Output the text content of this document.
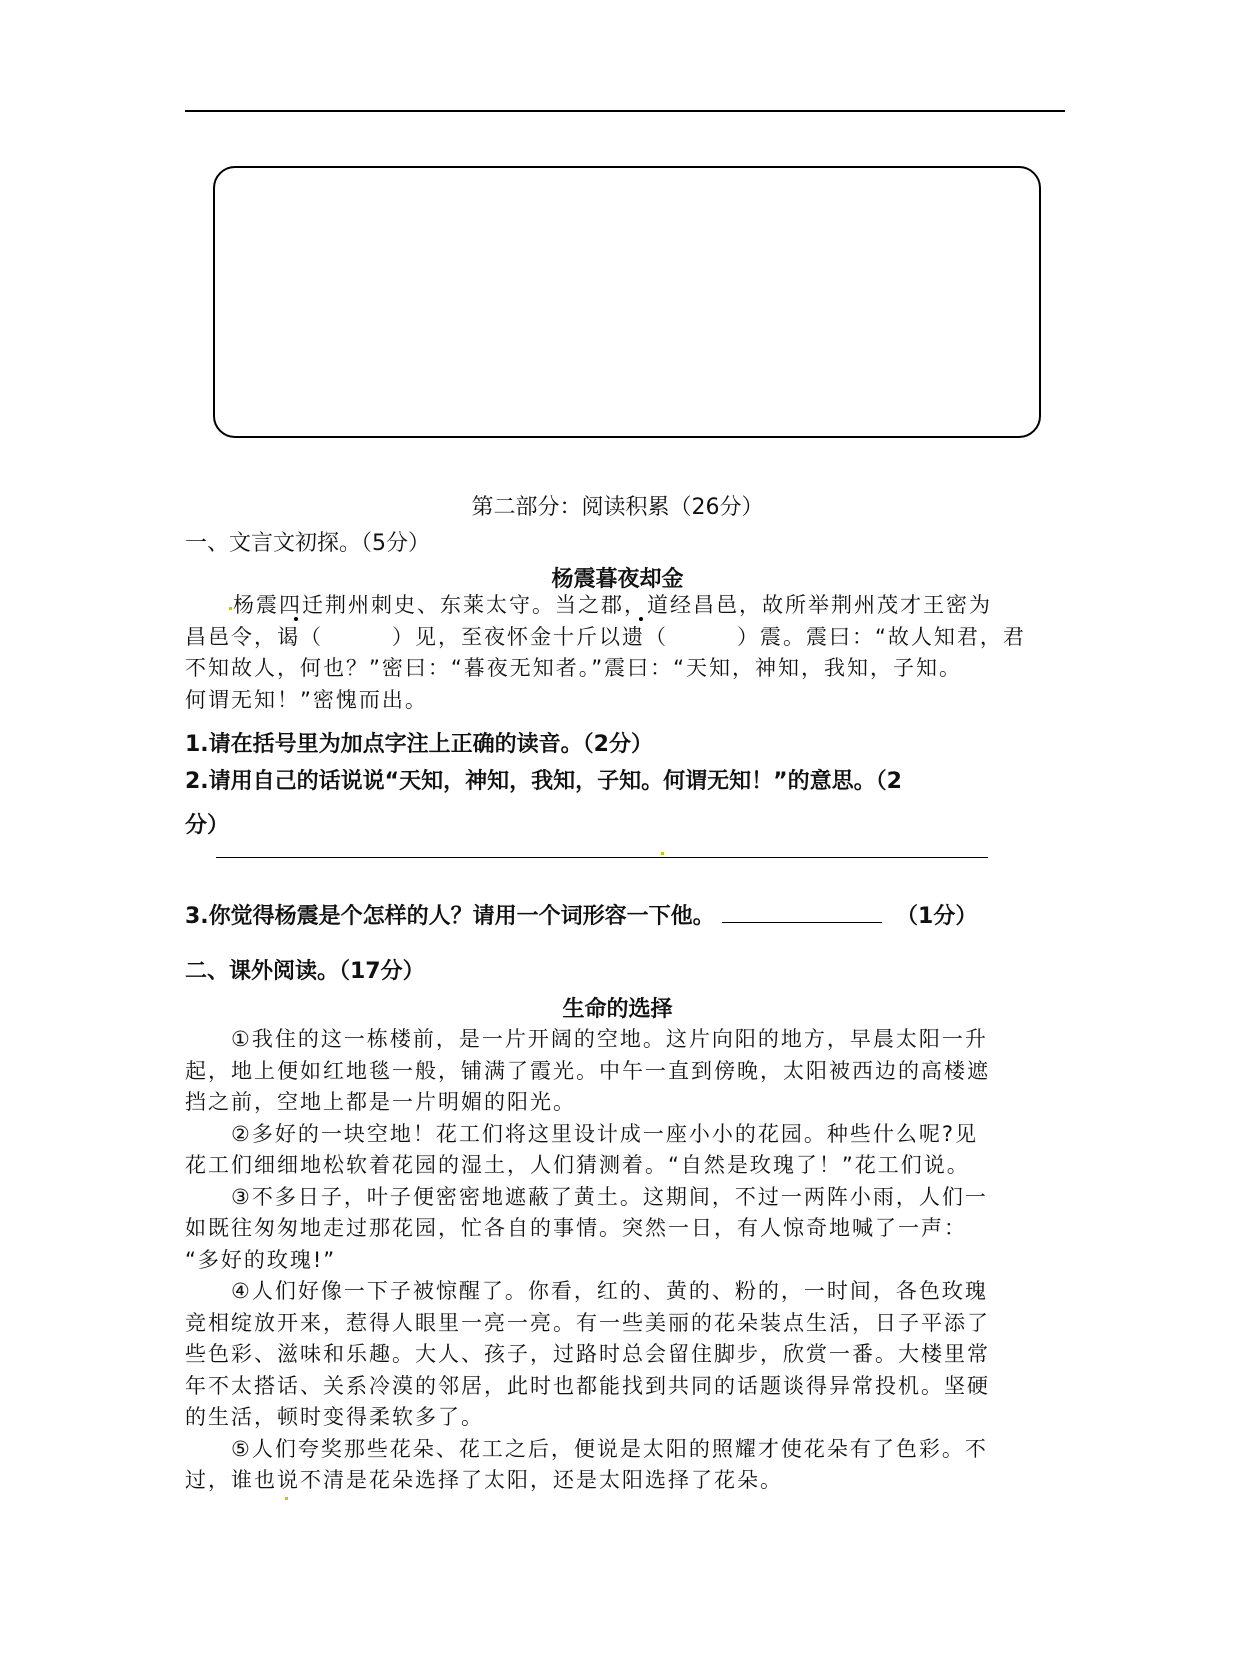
第二部分：阅读积累（26分）
一、文言文初探。（5分）
杨震暮夜却金
杨震四迁荆州刺史、东莱太守。当之郡，道经昌邑，故所举荆州茂才王密为
昌邑令，谒（　　　）见，至夜怀金十斤以遗（　　　）震。震曰：“故人知君，君
不知故人，何也？”密曰：“暮夜无知者。”震曰：“天知，神知，我知，子知。
何谓无知！”密愧而出。
1.请在括号里为加点字注上正确的读音。（2分）
2.请用自己的话说说“天知，神知，我知，子知。何谓无知！”的意思。（2
分）
3.你觉得杨震是个怎样的人？请用一个词形容一下他。	（1分）
二、课外阅读。（17分）
生命的选择
①我住的这一栋楼前，是一片开阔的空地。这片向阳的地方，早晨太阳一升
起，地上便如红地毯一般，铺满了霞光。中午一直到傍晚，太阳被西边的高楼遮
挡之前，空地上都是一片明媚的阳光。
②多好的一块空地！花工们将这里设计成一座小小的花园。种些什么呢?见
花工们细细地松软着花园的湿土，人们猜测着。“自然是玫瑰了！”花工们说。
③不多日子，叶子便密密地遮蔽了黄土。这期间，不过一两阵小雨，人们一
如既往匆匆地走过那花园，忙各自的事情。突然一日，有人惊奇地喊了一声：
“多好的玫瑰!”
④人们好像一下子被惊醒了。你看，红的、黄的、粉的，一时间，各色玫瑰
竞相绽放开来，惹得人眼里一亮一亮。有一些美丽的花朵装点生活，日子平添了
些色彩、滋味和乐趣。大人、孩子，过路时总会留住脚步，欣赏一番。大楼里常
年不太搭话、关系冷漠的邻居，此时也都能找到共同的话题谈得异常投机。坚硬
的生活，顿时变得柔软多了。
⑤人们夸奖那些花朵、花工之后，便说是太阳的照耀才使花朵有了色彩。不
过，谁也说不清是花朵选择了太阳，还是太阳选择了花朵。
